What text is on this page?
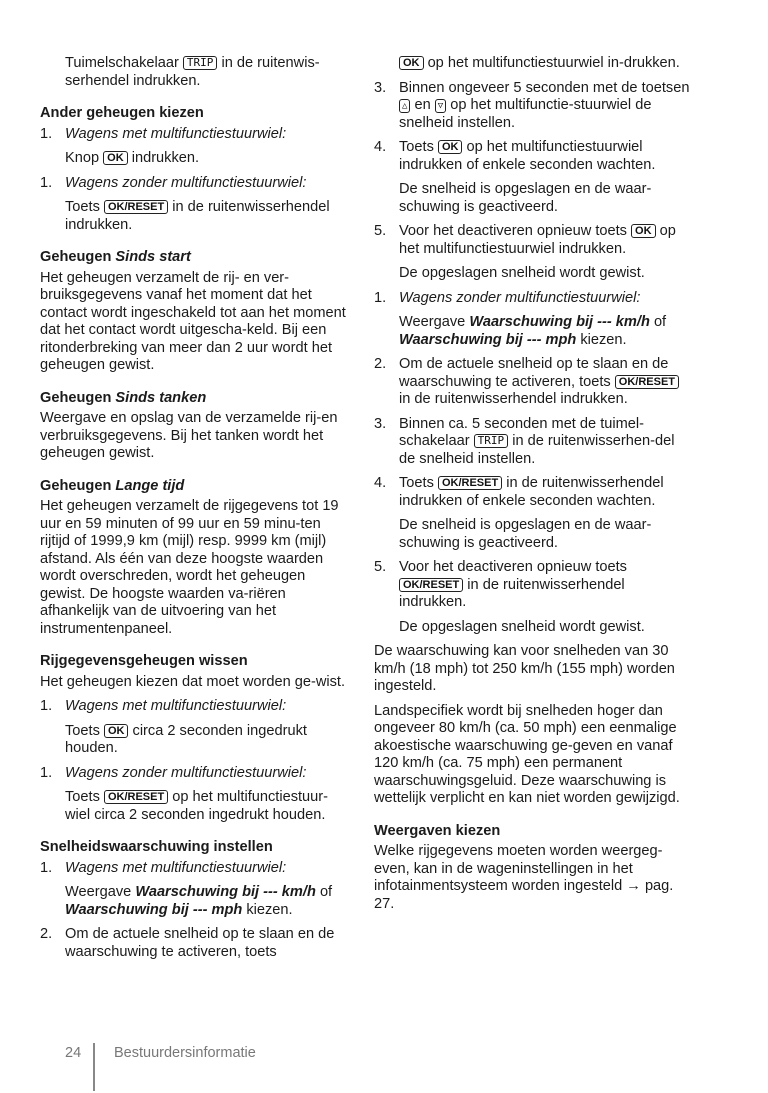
Tuimelschakelaar TRIP in de ruitenwis-serhendel indrukken.
Ander geheugen kiezen
1. Wagens met multifunctiestuurwiel:
Knop OK indrukken.
1. Wagens zonder multifunctiestuurwiel:
Toets OK/RESET in de ruitenwisserhendel indrukken.
Geheugen Sinds start
Het geheugen verzamelt de rij- en ver-bruiksgegevens vanaf het moment dat het contact wordt ingeschakeld tot aan het moment dat het contact wordt uitgescha-keld. Bij een ritonderbreking van meer dan 2 uur wordt het geheugen gewist.
Geheugen Sinds tanken
Weergave en opslag van de verzamelde rij-en verbruiksgegevens. Bij het tanken wordt het geheugen gewist.
Geheugen Lange tijd
Het geheugen verzamelt de rijgegevens tot 19 uur en 59 minuten of 99 uur en 59 minu-ten rijtijd of 1999,9 km (mijl) resp. 9999 km (mijl) afstand. Als één van deze hoogste waarden wordt overschreden, wordt het geheugen gewist. De hoogste waarden va-riëren afhankelijk van de uitvoering van het instrumentenpaneel.
Rijgegevensgeheugen wissen
Het geheugen kiezen dat moet worden ge-wist.
1. Wagens met multifunctiestuurwiel:
Toets OK circa 2 seconden ingedrukt houden.
1. Wagens zonder multifunctiestuurwiel:
Toets OK/RESET op het multifunctiestuur-wiel circa 2 seconden ingedrukt houden.
Snelheidswaarschuwing instellen
1. Wagens met multifunctiestuurwiel:
Weergave Waarschuwing bij --- km/h of Waarschuwing bij --- mph kiezen.
2. Om de actuele snelheid op te slaan en de waarschuwing te activeren, toets
OK op het multifunctiestuurwiel in-drukken.
3. Binnen ongeveer 5 seconden met de toetsen △ en ▽ op het multifunctie-stuurwiel de snelheid instellen.
4. Toets OK op het multifunctiestuurwiel indrukken of enkele seconden wachten.
De snelheid is opgeslagen en de waar-schuwing is geactiveerd.
5. Voor het deactiveren opnieuw toets OK op het multifunctiestuurwiel indrukken.
De opgeslagen snelheid wordt gewist.
1. Wagens zonder multifunctiestuurwiel:
Weergave Waarschuwing bij --- km/h of Waarschuwing bij --- mph kiezen.
2. Om de actuele snelheid op te slaan en de waarschuwing te activeren, toets OK/RESET in de ruitenwisserhendel indrukken.
3. Binnen ca. 5 seconden met de tuimel-schakelaar TRIP in de ruitenwisserhen-del de snelheid instellen.
4. Toets OK/RESET in de ruitenwisserhendel indrukken of enkele seconden wachten.
De snelheid is opgeslagen en de waar-schuwing is geactiveerd.
5. Voor het deactiveren opnieuw toets OK/RESET in de ruitenwisserhendel indrukken.
De opgeslagen snelheid wordt gewist.
De waarschuwing kan voor snelheden van 30 km/h (18 mph) tot 250 km/h (155 mph) worden ingesteld.
Landspecifiek wordt bij snelheden hoger dan ongeveer 80 km/h (ca. 50 mph) een eenmalige akoestische waarschuwing ge-geven en vanaf 120 km/h (ca. 75 mph) een permanent waarschuwingsgeluid. Deze waarschuwing is wettelijk verplicht en kan niet worden gewijzigd.
Weergaven kiezen
Welke rijgegevens moeten worden weergeg-even, kan in de wageninstellingen in het infotainmentsysteem worden ingesteld → pag. 27.
24 Bestuurdersinformatie
